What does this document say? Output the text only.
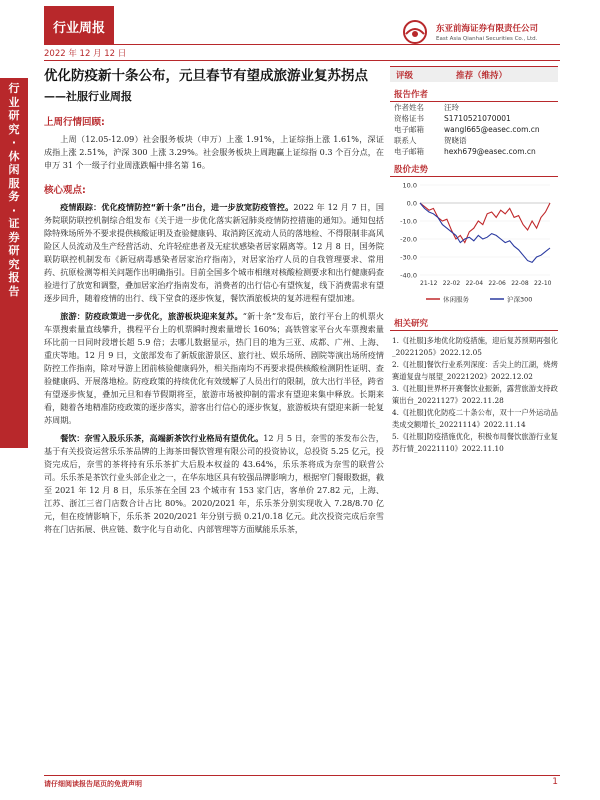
行
业
研
究
·
休
闲
服
务
·
证
券
研
究
报
告
行业周报
2022 年 12 月 12 日
东亚前海证券有限责任公司
East Asia Qianhai Securities Co., Ltd.
优化防疫新十条公布，元旦春节有望成旅游业复苏拐点
——社服行业周报
上周行情回顾:

上周（12.05-12.09）社会服务板块（申万）上涨 1.91%，上证综指上涨 1.61%，深证成指上涨 2.51%，沪深 300 上涨 3.29%。社会服务板块上周跑赢上证综指 0.3 个百分点，在申万 31 个一级子行业周涨跌幅中排名第 16。

核心观点:

疫情跟踪：优化疫情防控“新十条”出台，进一步放宽防疫管控。2022 年 12 月 7 日，国务院联防联控机制综合组发布《关于进一步优化落实新冠肺炎疫情防控措施的通知》。通知包括除特殊场所外不要求提供核酸证明及查验健康码、取消跨区流动人员的落地检、不得限制非高风险区人员流动及生产经营活动、允许轻症患者及无症状感染者居家隔离等。12 月 8 日，国务院联防联控机制发布《新冠病毒感染者居家治疗指南》，对居家治疗人员的自我管理要求、常用药、抗原检测等相关问题作出明确指引。目前全国多个城市相继对核酸检测要求和出行健康码查验进行了放宽和调整，叠加居家治疗指南发布，消费者的出行信心有望恢复，线下消费需求有望逐步回升，随着疫情的出行、线下堂食的逐步恢复，餐饮酒旅板块的复苏进程有望加速。

旅游：防疫政策进一步优化，旅游板块迎来复苏。“新十条”发布后，旅行平台上的机票火车票搜索量直线攀升，携程平台上的机票瞬时搜索量增长 160%；高铁管家平台火车票搜索量环比前一日同时段增长超 5.9 倍；去哪儿数据显示，热门目的地为三亚、成都、广州、上海、重庆等地。12 月 9 日，文旅部发布了新版旅游景区、旅行社、娱乐场所、剧院等演出场所疫情防控工作指南，除对导游上团前核验健康码外，相关指南均不再要求提供核酸检测阴性证明、查验健康码、开展落地检。防疫政策的持续优化有效缓解了人员出行的限制，放大出行半径，跨省有望逐步恢复，叠加元旦和春节假期将至，旅游市场被抑制的需求有望迎来集中释放。长期来看，随着各地精准防疫政策的逐步落实，游客出行信心的逐步恢复，旅游板块有望迎来新一轮复苏周期。

餐饮：奈雪入股乐乐茶，高端新茶饮行业格局有望优化。12 月 5 日，奈雪的茶发布公告，基于有关投资运营乐乐茶品牌的上海茶田餐饮管理有限公司的投资协议，总投资 5.25 亿元，投资完成后，奈雪的茶将持有乐乐茶扩大后股本权益的 43.64%，乐乐茶将成为奈雪的联营公司。乐乐茶是茶饮行业头部企业之一，在华东地区具有较强品牌影响力，根据窄门餐眼数据，截至 2021 年 12 月 8 日，乐乐茶在全国 23 个城市有 153 家门店，客单价 27.82 元，上海、江苏、浙江三省门店数合计占比 80%。2020/2021 年，乐乐茶分别实现收入 7.28/8.70 亿元，但在疫情影响下，乐乐茶 2020/2021 年分别亏损 0.21/0.18 亿元。此次投资完成后奈雪将在门店拓展、供应链、数字化与自动化、内部管理等方面赋能乐乐茶，

评级	推荐（维持）
报告作者
作者姓名	汪玲
资格证书	S1710521070001
电子邮箱	wangl665@easec.com.cn
联系人	贺晓语
电子邮箱	hexh679@easec.com.cn
股价走势
10.0
0.0
-10.0
-20.0
-30.0
-40.0
21-12 22-02 22-04 22-06 22-08 22-10
休闲服务	沪深300
相关研究
1.《[社服]多地优化防疫措施，迎后复苏预期再强化_20221205》2022.12.05
2.《[社服]餐饮行业系列深度：舌尖上的江湖，烧烤赛道复盘与展望_20221202》2022.12.02
3.《[社服]世界杯开赛餐饮业振新，露营旅游支持政策出台_20221127》2022.11.28
4.《[社服]优化防疫二十条公布，双十一户外运动品类成交额增长_20221114》2022.11.14
5.《[社服]防疫措施优化，积极布局餐饮旅游行业复苏行情_20221110》2022.11.10
请仔细阅读报告尾页的免责声明	1
